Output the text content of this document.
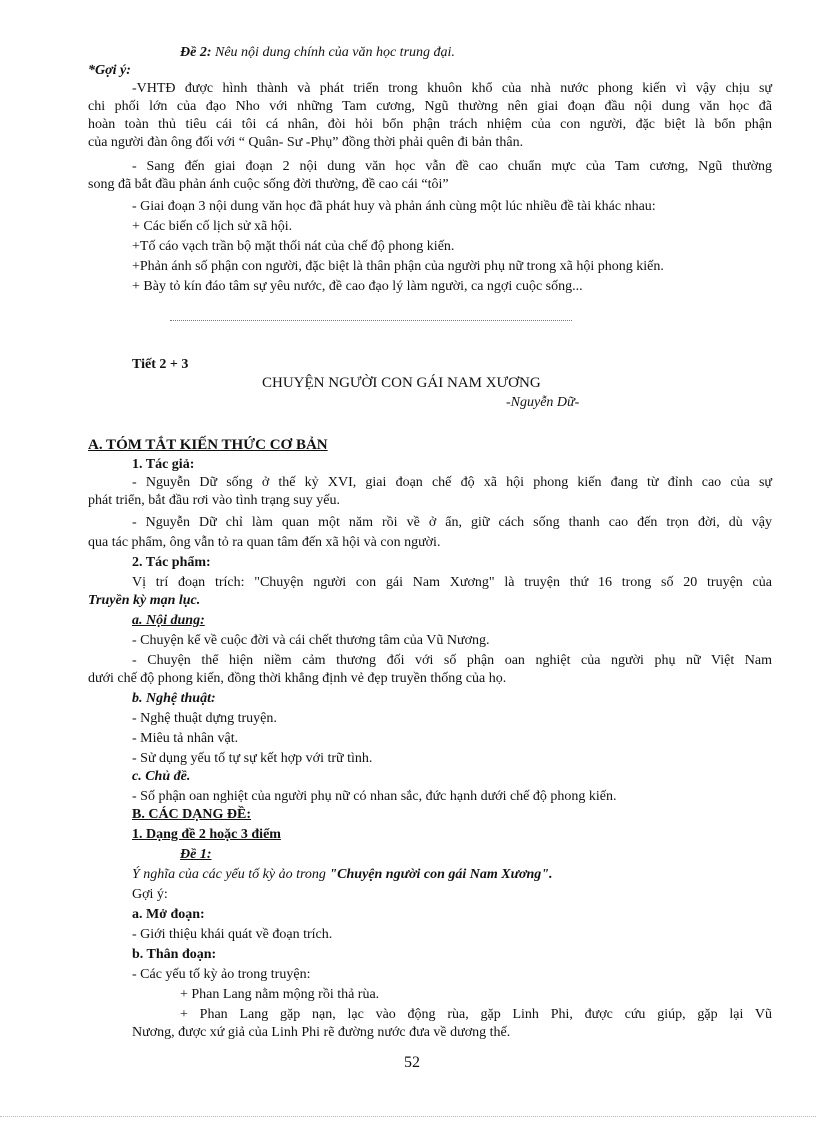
Đề 2: Nêu nội dung chính của văn học trung đại.
*Gợi ý:
-VHTĐ được hình thành và phát triển trong khuôn khổ của nhà nước phong kiến vì vậy chịu sự
chi phối lớn của đạo Nho với những Tam cương, Ngũ thường nên giai đoạn đầu nội dung văn học đã
hoàn toàn thủ tiêu cái tôi cá nhân, đòi hỏi bổn phận trách nhiệm của con người, đặc biệt là bổn phận
của người đàn ông đối với “ Quân- Sư -Phụ” đồng thời phải quên đi bản thân.
- Sang đến giai đoạn 2 nội dung văn học vẫn đề cao chuẩn mực của Tam cương, Ngũ thường
song đã bắt đầu phản ánh cuộc sống đời thường, đề cao cái “tôi”
- Giai đoạn 3 nội dung văn học đã phát huy và phản ánh cùng một lúc nhiều đề tài khác nhau:
+ Các biến cố lịch sử xã hội.
+Tố cáo vạch trần bộ mặt thối nát của chế độ phong kiến.
+Phản ánh số phận con người, đặc biệt là thân phận của người phụ nữ trong xã hội phong kiến.
+ Bày tỏ kín đáo tâm sự yêu nước, đề cao đạo lý làm người, ca ngợi cuộc sống...
Tiết 2 + 3
CHUYỆN NGƯỜI CON GÁI NAM XƯƠNG
-Nguyễn Dữ-
A. TÓM TẮT KIẾN THỨC CƠ BẢN
1. Tác giả:
- Nguyễn Dữ sống ở thế kỷ XVI, giai đoạn chế độ xã hội phong kiến đang từ đỉnh cao của sự
phát triển, bắt đầu rơi vào tình trạng suy yếu.
- Nguyễn Dữ chỉ làm quan một năm rồi về ở ẩn, giữ cách sống thanh cao đến trọn đời, dù vậy
qua tác phẩm, ông vẫn tỏ ra quan tâm đến xã hội và con người.
2. Tác phẩm:
Vị trí đoạn trích: "Chuyện người con gái Nam Xương" là truyện thứ 16 trong số 20 truyện của
Truyền kỳ mạn lục.
a. Nội dung:
- Chuyện kể về cuộc đời và cái chết thương tâm của Vũ Nương.
- Chuyện thể hiện niềm cảm thương đối với số phận oan nghiệt của người phụ nữ Việt Nam
dưới chế độ phong kiến, đồng thời khẳng định vẻ đẹp truyền thống của họ.
b. Nghệ thuật:
- Nghệ thuật dựng truyện.
- Miêu tả nhân vật.
- Sử dụng yếu tố tự sự kết hợp với trữ tình.
c. Chủ đề.
- Số phận oan nghiệt của người phụ nữ có nhan sắc, đức hạnh dưới chế độ phong kiến.
B. CÁC DẠNG ĐỀ:
1. Dạng đề 2 hoặc 3 điểm
Đề 1:
Ý nghĩa của các yếu tố kỳ ảo trong "Chuyện người con gái Nam Xương".
Gợi ý:
a. Mở đoạn:
- Giới thiệu khái quát về đoạn trích.
b. Thân đoạn:
- Các yếu tố kỳ ảo trong truyện:
+ Phan Lang nằm mộng rồi thả rùa.
+ Phan Lang gặp nạn, lạc vào động rùa, gặp Linh Phi, được cứu giúp, gặp lại Vũ
Nương, được xứ giả của Linh Phi rẽ đường nước đưa về dương thế.
52
